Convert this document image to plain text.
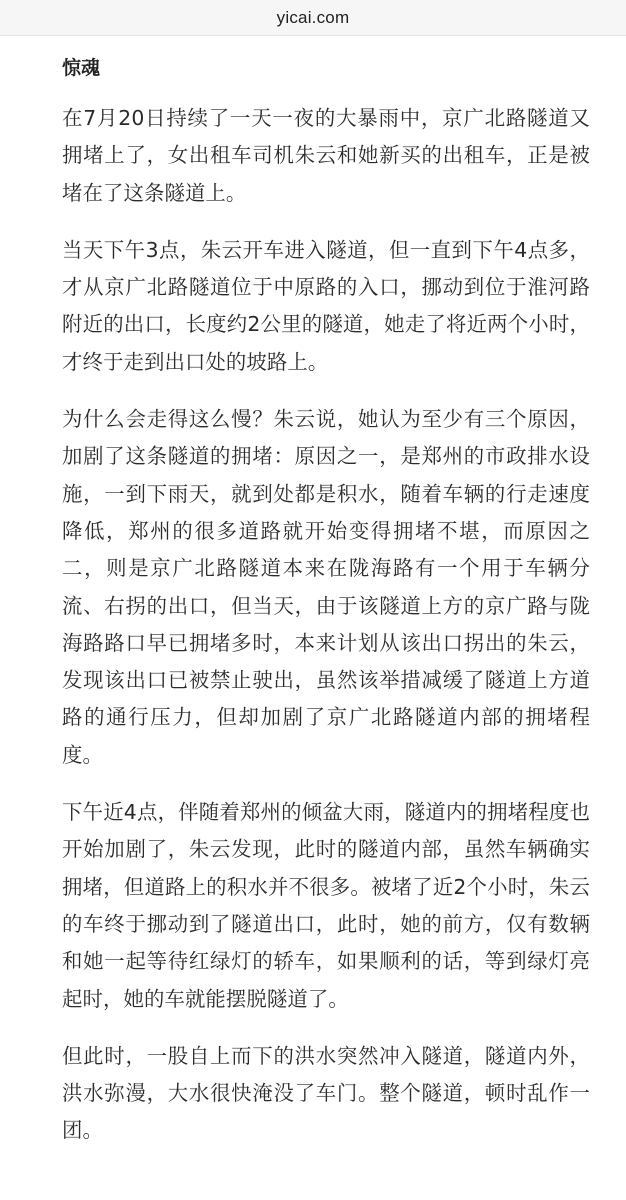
yicai.com
惊魂

在7月20日持续了一天一夜的大暴雨中，京广北路隧道又拥堵上了，女出租车司机朱云和她新买的出租车，正是被堵在了这条隧道上。

当天下午3点，朱云开车进入隧道，但一直到下午4点多，才从京广北路隧道位于中原路的入口，挪动到位于淮河路附近的出口，长度约2公里的隧道，她走了将近两个小时，才终于走到出口处的坡路上。

为什么会走得这么慢？朱云说，她认为至少有三个原因，加剧了这条隧道的拥堵：原因之一，是郑州的市政排水设施，一到下雨天，就到处都是积水，随着车辆的行走速度降低，郑州的很多道路就开始变得拥堵不堪，而原因之二，则是京广北路隧道本来在陇海路有一个用于车辆分流、右拐的出口，但当天，由于该隧道上方的京广路与陇海路路口早已拥堵多时，本来计划从该出口拐出的朱云，发现该出口已被禁止驶出，虽然该举措减缓了隧道上方道路的通行压力，但却加剧了京广北路隧道内部的拥堵程度。

下午近4点，伴随着郑州的倾盆大雨，隧道内的拥堵程度也开始加剧了，朱云发现，此时的隧道内部，虽然车辆确实拥堵，但道路上的积水并不很多。被堵了近2个小时，朱云的车终于挪动到了隧道出口，此时，她的前方，仅有数辆和她一起等待红绿灯的轿车，如果顺利的话，等到绿灯亮起时，她的车就能摆脱隧道了。

但此时，一股自上而下的洪水突然冲入隧道，隧道内外，洪水弥漫，大水很快淹没了车门。整个隧道，顿时乱作一团。
